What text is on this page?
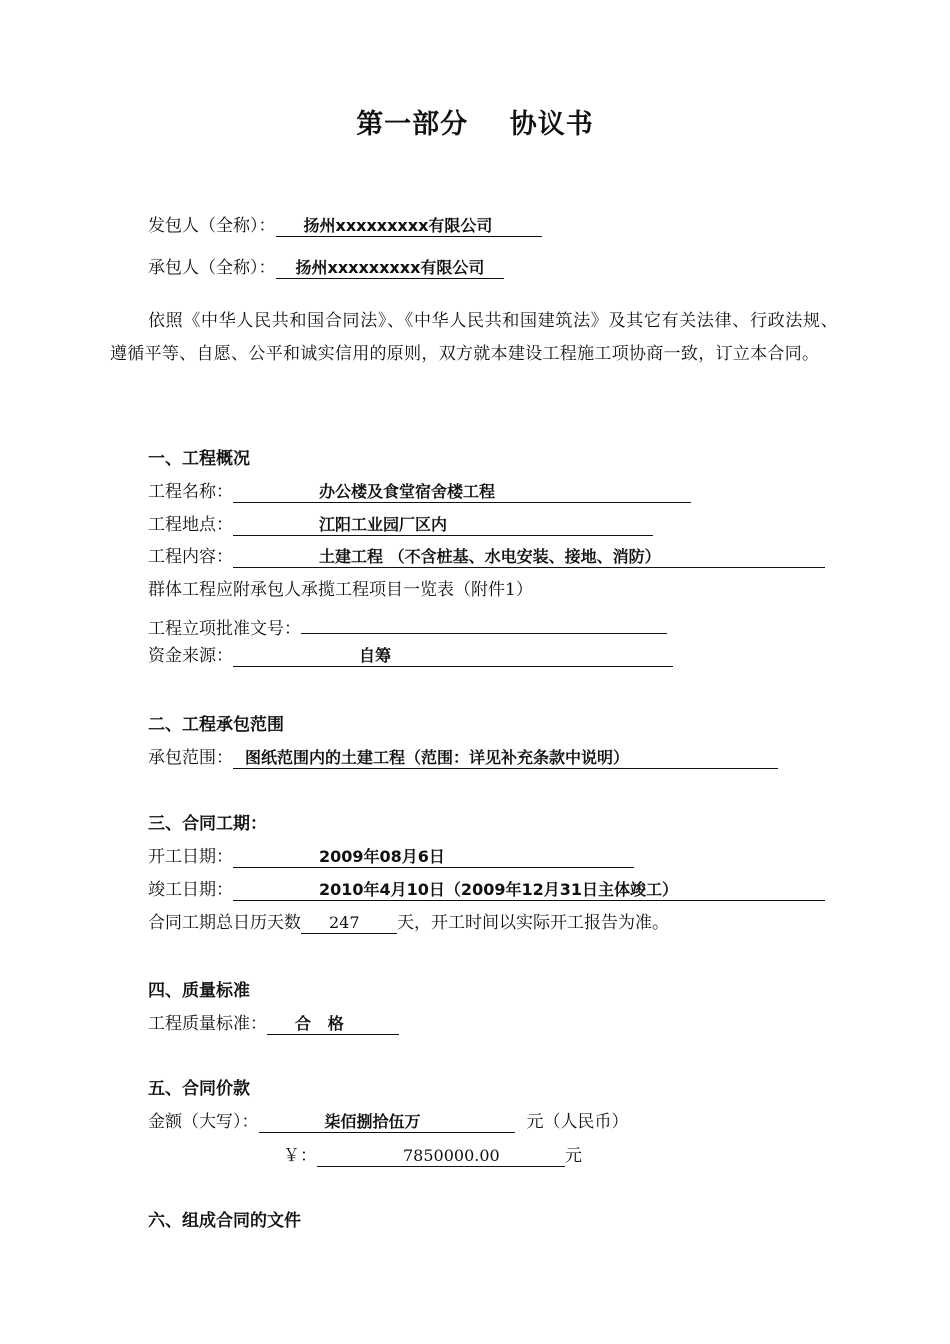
第一部分    协议书
发包人（全称）： 扬州xxxxxxxxx有限公司
承包人（全称）： 扬州xxxxxxxxx有限公司
依照《中华人民共和国合同法》、《中华人民共和国建筑法》及其它有关法律、行政法规、遵循平等、自愿、公平和诚实信用的原则，双方就本建设工程施工项协商一致，订立本合同。
一、工程概况
工程名称：	办公楼及食堂宿舍楼工程
工程地点：	江阳工业园厂区内
工程内容：	土建工程 （不含桩基、水电安装、接地、消防）
群体工程应附承包人承揽工程项目一览表（附件1）
工程立项批准文号：
资金来源：	自筹
二、工程承包范围
承包范围： 图纸范围内的土建工程（范围：详见补充条款中说明）
三、合同工期：
开工日期：	2009年08月6日
竣工日期：	2010年4月10日（2009年12月31日主体竣工）
合同工期总日历天数 247 天，开工时间以实际开工报告为准。
四、质量标准
工程质量标准： 合   格
五、合同价款
金额（大写）：	柒佰捌拾伍万	元（人民币）
￥：	7850000.00	元
六、组成合同的文件
